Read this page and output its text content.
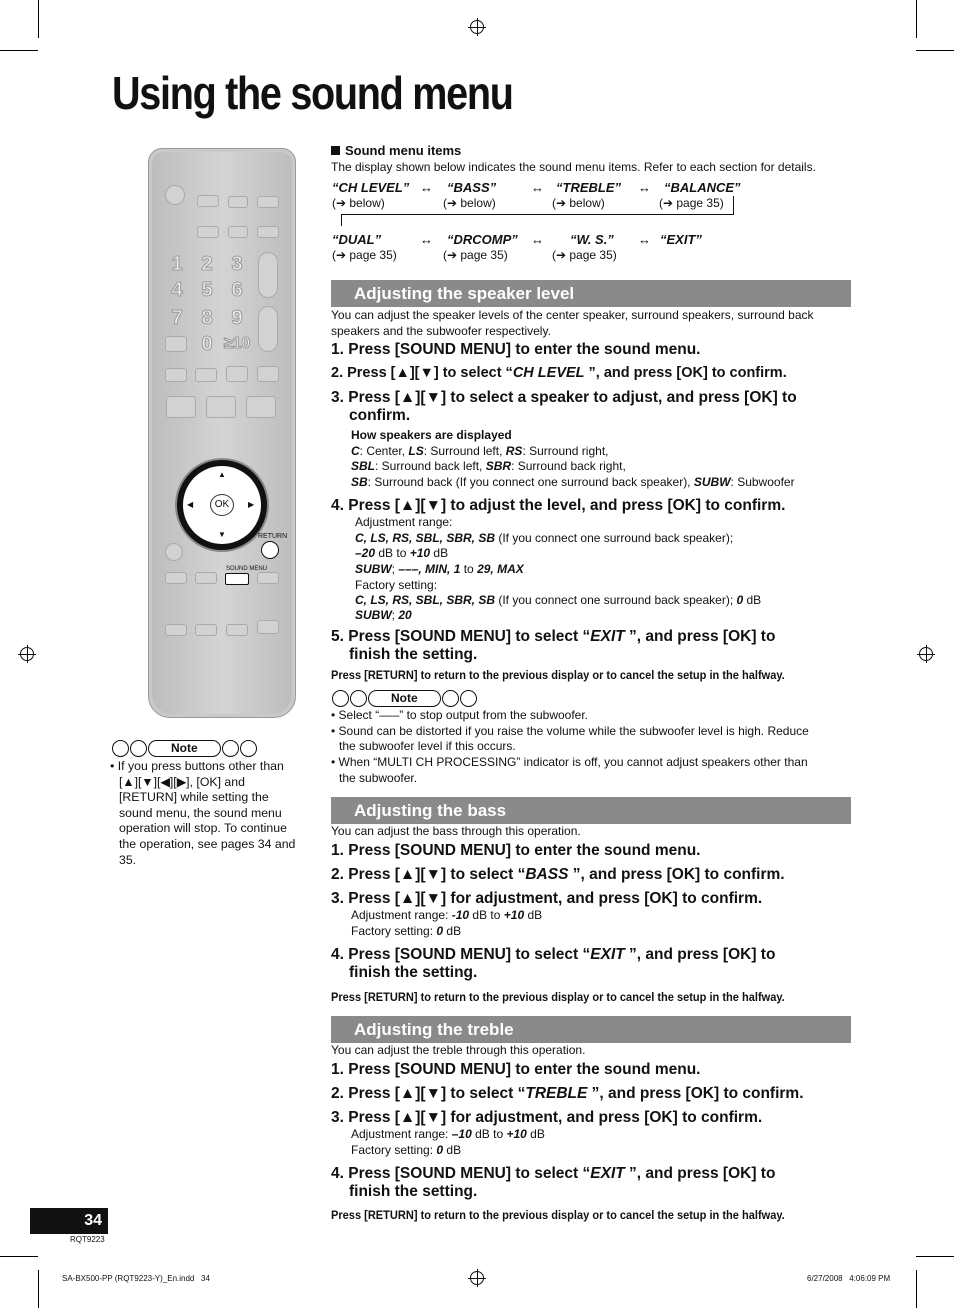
Using the sound menu
1 2 3
4 5 6
7 8 9
0 ≥10
▲
▼
◀	▶
OK
RETURN
SOUND MENU
Note
• If you press buttons other than [▲][▼][◀][▶], [OK] and [RETURN] while setting the sound menu, the sound menu operation will stop. To continue the operation, see pages 34 and 35.
Sound menu items
The display shown below indicates the sound menu items. Refer to each section for details.
“CH LEVEL” ↔ “BASS”	↔ “TREBLE” ↔ “BALANCE”
(➔ below)	(➔ below)	(➔ below)	(➔ page 35)
“DUAL”	↔ “DRCOMP” ↔ “W. S.” ↔ “EXIT”
(➔ page 35)	(➔ page 35)	(➔ page 35)
Adjusting the speaker level
You can adjust the speaker levels of the center speaker, surround speakers, surround back speakers and the subwoofer respectively.
1. Press [SOUND MENU] to enter the sound menu.
2. Press [▲][▼] to select “CH LEVEL ”, and press [OK] to confirm.
3. Press [▲][▼] to select a speaker to adjust, and press [OK] to
confirm.
How speakers are displayed
C: Center, LS: Surround left, RS: Surround right,
SBL: Surround back left, SBR: Surround back right,
SB: Surround back (If you connect one surround back speaker), SUBW: Subwoofer
4. Press [▲][▼] to adjust the level, and press [OK] to confirm.
Adjustment range:
C, LS, RS, SBL, SBR, SB (If you connect one surround back speaker);
–20 dB to +10 dB
SUBW; –––, MIN, 1 to 29, MAX
Factory setting:
C, LS, RS, SBL, SBR, SB (If you connect one surround back speaker); 0 dB
SUBW; 20
5. Press [SOUND MENU] to select “EXIT ”, and press [OK] to
finish the setting.
Press [RETURN] to return to the previous display or to cancel the setup in the halfway.
Note
• Select “–––” to stop output from the subwoofer.
• Sound can be distorted if you raise the volume while the subwoofer level is high. Reduce
the subwoofer level if this occurs.
• When “MULTI CH PROCESSING” indicator is off, you cannot adjust speakers other than
the subwoofer.
Adjusting the bass
You can adjust the bass through this operation.
1. Press [SOUND MENU] to enter the sound menu.
2. Press [▲][▼] to select “BASS ”, and press [OK] to confirm.
3. Press [▲][▼] for adjustment, and press [OK] to confirm.
Adjustment range: -10 dB to +10 dB
Factory setting: 0 dB
4. Press [SOUND MENU] to select “EXIT ”, and press [OK] to
finish the setting.
Press [RETURN] to return to the previous display or to cancel the setup in the halfway.
Adjusting the treble
You can adjust the treble through this operation.
1. Press [SOUND MENU] to enter the sound menu.
2. Press [▲][▼] to select “TREBLE ”, and press [OK] to confirm.
3. Press [▲][▼] for adjustment, and press [OK] to confirm.
Adjustment range: –10 dB to +10 dB
Factory setting: 0 dB
4. Press [SOUND MENU] to select “EXIT ”, and press [OK] to
finish the setting.
Press [RETURN] to return to the previous display or to cancel the setup in the halfway.
34
RQT9223
SA-BX500-PP (RQT9223-Y)_En.indd   34	6/27/2008   4:06:09 PM
